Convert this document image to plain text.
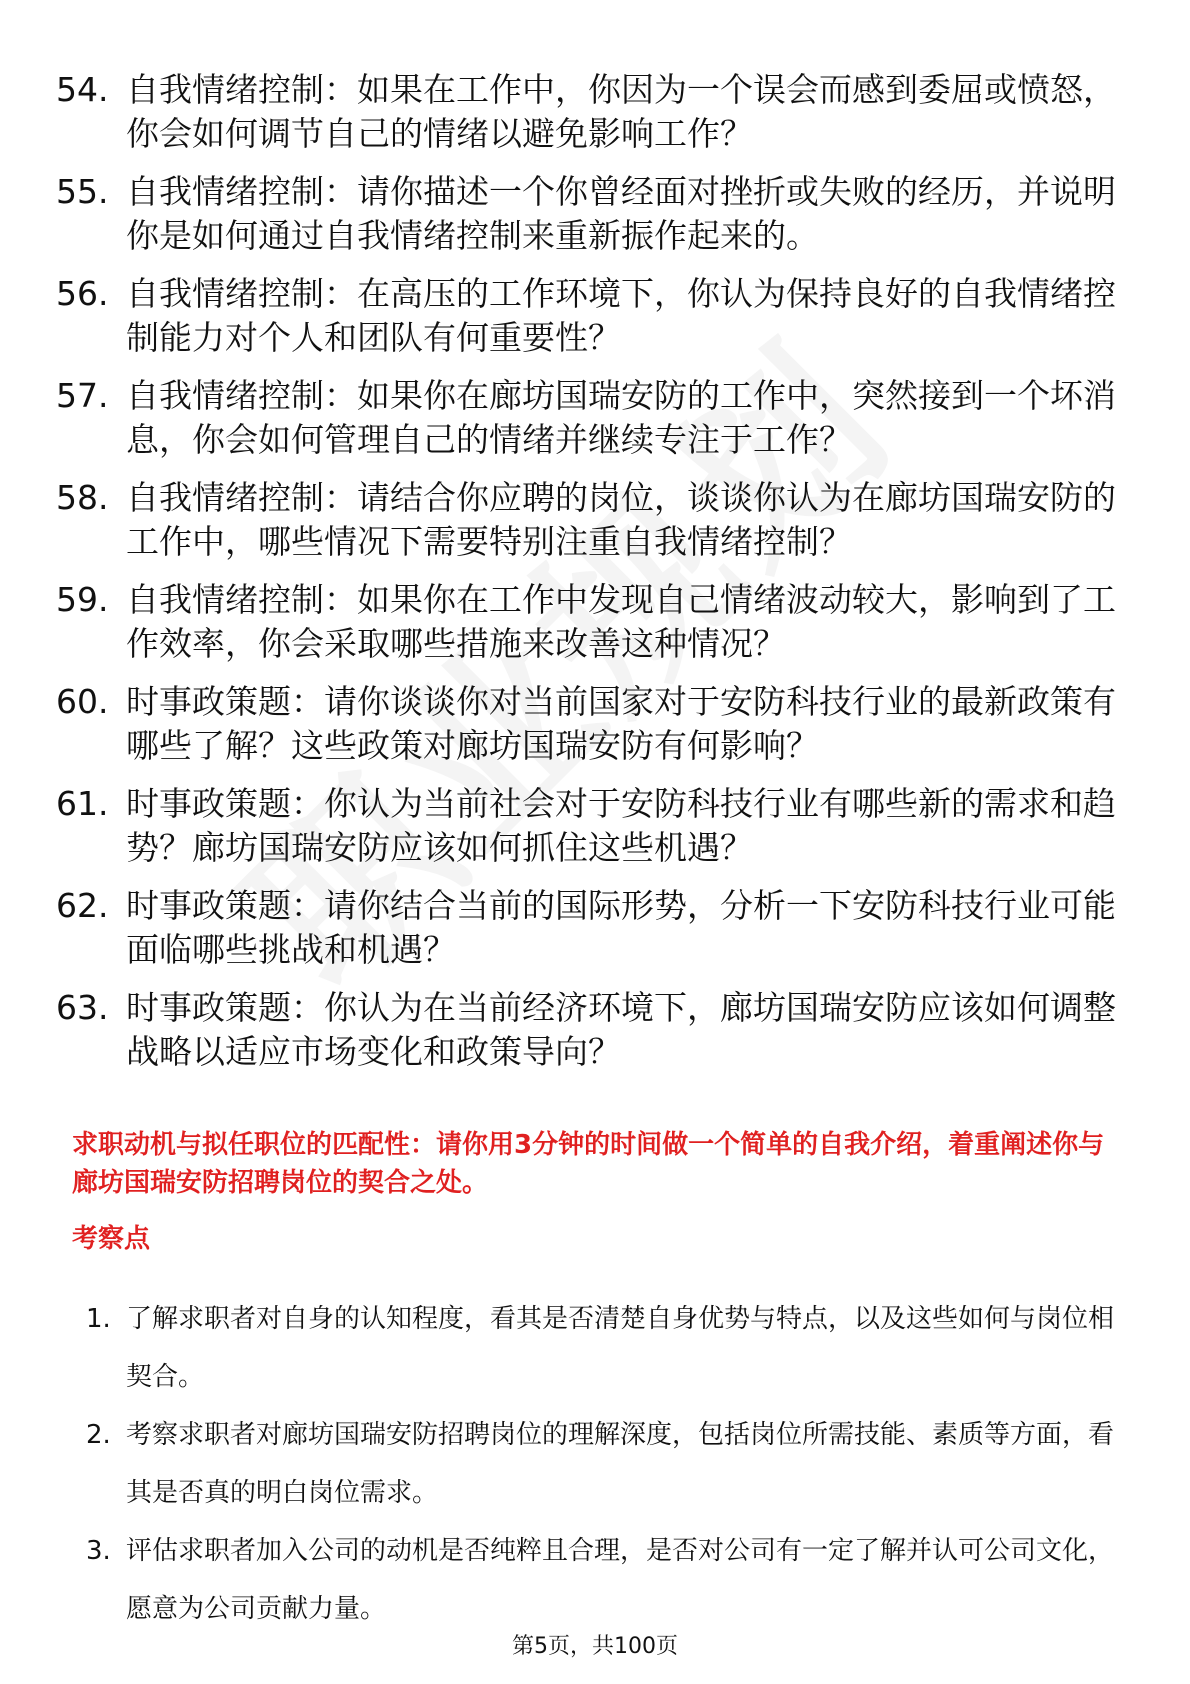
54. 自我情绪控制：如果在工作中，你因为一个误会而感到委屈或愤怒，你会如何调节自己的情绪以避免影响工作？
55. 自我情绪控制：请你描述一个你曾经面对挫折或失败的经历，并说明你是如何通过自我情绪控制来重新振作起来的。
56. 自我情绪控制：在高压的工作环境下，你认为保持良好的自我情绪控制能力对个人和团队有何重要性？
57. 自我情绪控制：如果你在廊坊国瑞安防的工作中，突然接到一个坏消息，你会如何管理自己的情绪并继续专注于工作？
58. 自我情绪控制：请结合你应聘的岗位，谈谈你认为在廊坊国瑞安防的工作中，哪些情况下需要特别注重自我情绪控制？
59. 自我情绪控制：如果你在工作中发现自己情绪波动较大，影响到了工作效率，你会采取哪些措施来改善这种情况？
60. 时事政策题：请你谈谈你对当前国家对于安防科技行业的最新政策有哪些了解？这些政策对廊坊国瑞安防有何影响？
61. 时事政策题：你认为当前社会对于安防科技行业有哪些新的需求和趋势？廊坊国瑞安防应该如何抓住这些机遇？
62. 时事政策题：请你结合当前的国际形势，分析一下安防科技行业可能面临哪些挑战和机遇？
63. 时事政策题：你认为在当前经济环境下，廊坊国瑞安防应该如何调整战略以适应市场变化和政策导向？
求职动机与拟任职位的匹配性：请你用3分钟的时间做一个简单的自我介绍，着重阐述你与廊坊国瑞安防招聘岗位的契合之处。
考察点
1. 了解求职者对自身的认知程度，看其是否清楚自身优势与特点，以及这些如何与岗位相契合。
2. 考察求职者对廊坊国瑞安防招聘岗位的理解深度，包括岗位所需技能、素质等方面，看其是否真的明白岗位需求。
3. 评估求职者加入公司的动机是否纯粹且合理，是否对公司有一定了解并认可公司文化，愿意为公司贡献力量。
第5页，共100页
